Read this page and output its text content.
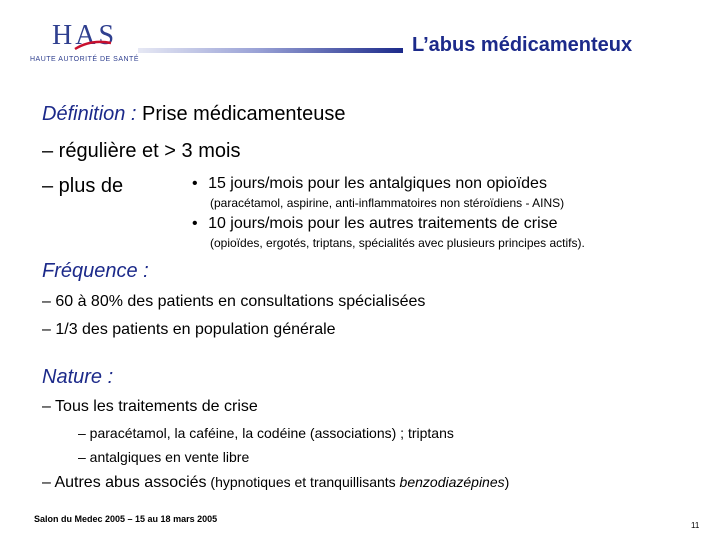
HAS
HAUTE AUTORITÉ DE SANTÉ
L’abus médicamenteux
Définition : Prise médicamenteuse
– régulière et > 3 mois
– plus de	• 15 jours/mois pour les antalgiques non opioïdes
(paracétamol, aspirine, anti-inflammatoires non stéroïdiens - AINS)
• 10 jours/mois pour les autres traitements de crise
(opioïdes, ergotés, triptans, spécialités avec plusieurs principes actifs).
Fréquence :
– 60 à 80% des patients en consultations spécialisées
– 1/3 des patients en population générale
Nature :
– Tous les traitements de crise
– paracétamol, la caféine, la codéine (associations) ; triptans
– antalgiques en vente libre
– Autres abus associés (hypnotiques et tranquillisants benzodiazépines)
Salon du Medec 2005 – 15 au 18 mars 2005
11
